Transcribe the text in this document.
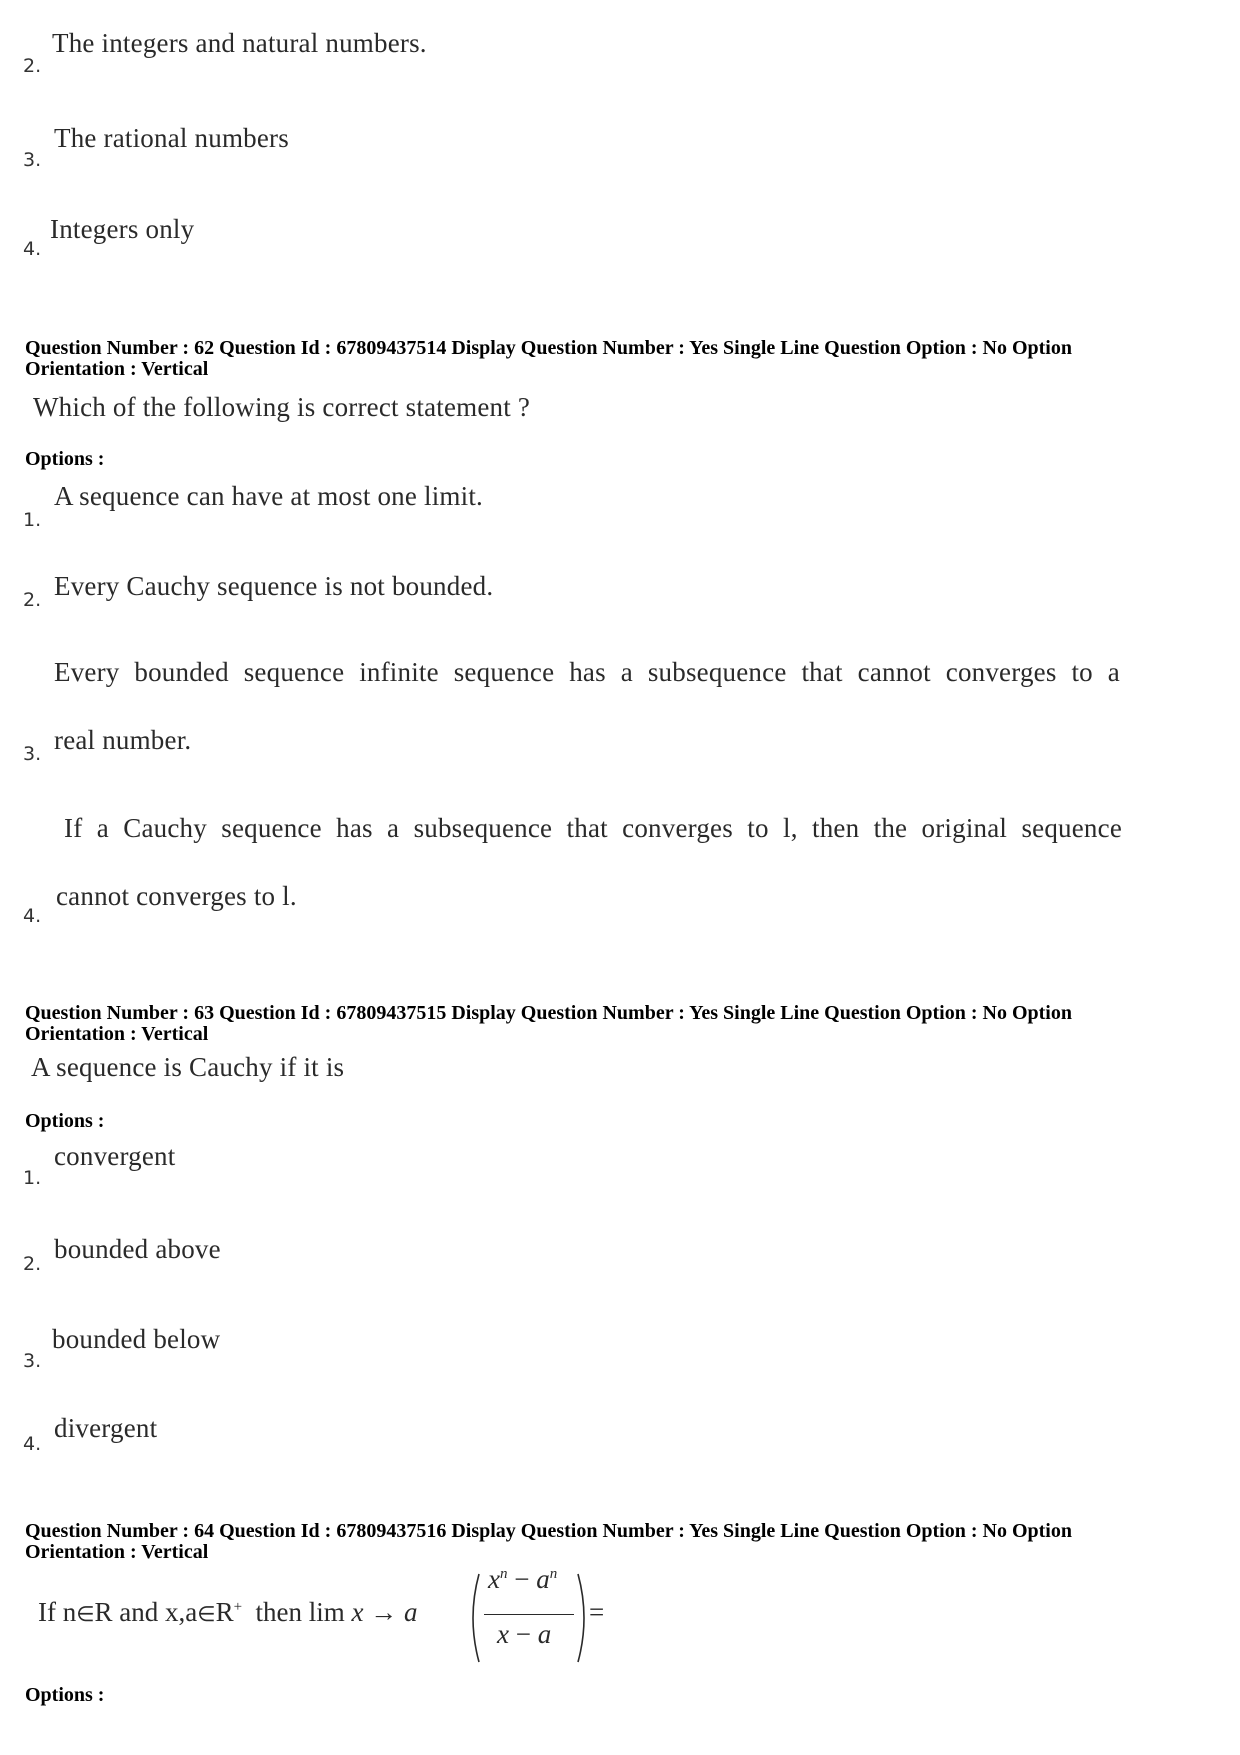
The integers and natural numbers.
2.
The rational numbers
3.
Integers only
4.
Question Number : 62 Question Id : 67809437514 Display Question Number : Yes Single Line Question Option : No Option
Orientation : Vertical
Which of the following is correct statement ?
Options :
A sequence can have at most one limit.
1.
Every Cauchy sequence is not bounded.
2.
Every bounded sequence infinite sequence has a subsequence that cannot converges to a
real number.
3.
If a Cauchy sequence has a subsequence that converges to l, then the original sequence
cannot converges to l.
4.
Question Number : 63 Question Id : 67809437515 Display Question Number : Yes Single Line Question Option : No Option
Orientation : Vertical
A sequence is Cauchy if it is
Options :
convergent
1.
bounded above
2.
bounded below
3.
divergent
4.
Question Number : 64 Question Id : 67809437516 Display Question Number : Yes Single Line Question Option : No Option
Orientation : Vertical
If n∈R and x,a∈R+ then lim x → a
$x^n - a^n$
x − a
=
Options :
